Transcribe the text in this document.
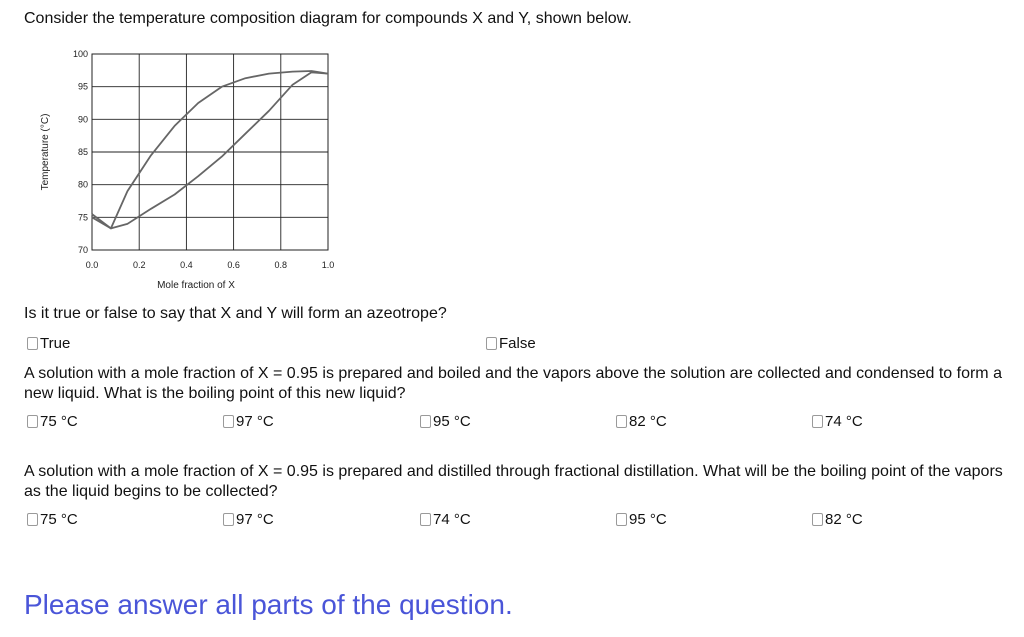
Consider the temperature composition diagram for compounds X and Y, shown below.
100
95
90
85
80
75
70
0.0	0.2	0.4	0.6	0.8	1.0
Mole fraction of X
Temperature (°C)
Is it true or false to say that X and Y will form an azeotrope?
True	False
A solution with a mole fraction of X = 0.95 is prepared and boiled and the vapors above the solution are collected and condensed to form a new liquid. What is the boiling point of this new liquid?
75 °C	97 °C	95 °C	82 °C	74 °C
A solution with a mole fraction of X = 0.95 is prepared and distilled through fractional distillation. What will be the boiling point of the vapors as the liquid begins to be collected?
75 °C	97 °C	74 °C	95 °C	82 °C
Please answer all parts of the question.
